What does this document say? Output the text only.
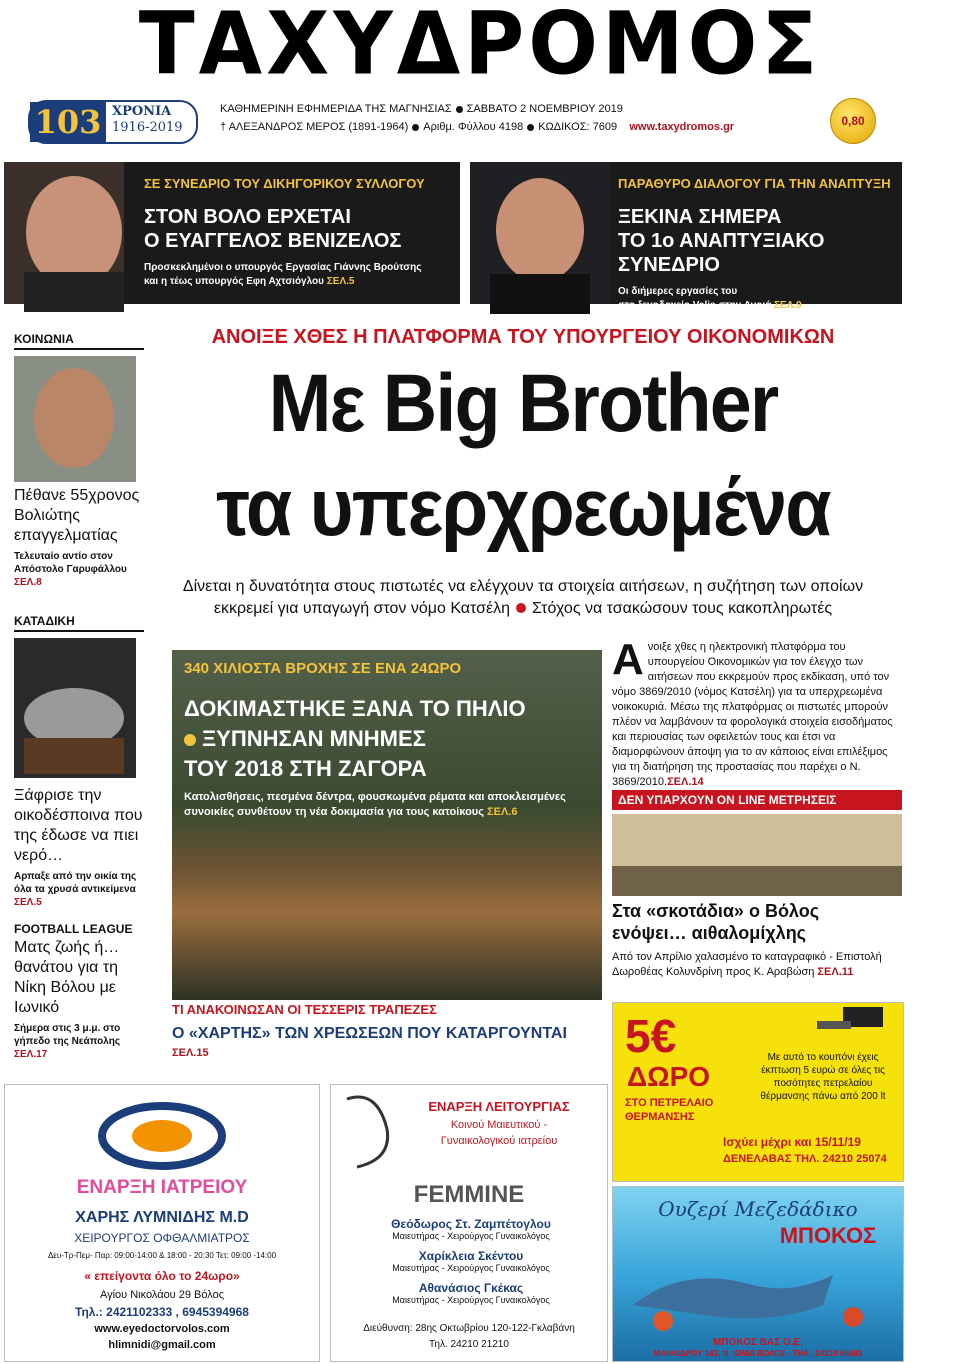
ΤΑΧΥΔΡΟΜΟΣ
103 ΧΡΟΝΙΑ
1916-2019
ΚΑΘΗΜΕΡΙΝΗ ΕΦΗΜΕΡΙΔΑ ΤΗΣ ΜΑΓΝΗΣΙΑΣ ΣΑΒΒΑΤΟ 2 ΝΟΕΜΒΡΙΟΥ 2019
† ΑΛΕΞΑΝΔΡΟΣ ΜΕΡΟΣ (1891-1964) Αριθμ. Φύλλου 4198 ΚΩΔΙΚΟΣ: 7609 www.taxydromos.gr	0,80
ΣΕ ΣΥΝΕΔΡΙΟ ΤΟΥ ΔΙΚΗΓΟΡΙΚΟΥ ΣΥΛΛΟΓΟΥ
ΣΤΟΝ ΒΟΛΟ ΕΡΧΕΤΑΙ
Ο ΕΥΑΓΓΕΛΟΣ ΒΕΝΙΖΕΛΟΣ
Προσκεκλημένοι ο υπουργός Εργασίας Γιάννης Βρούτσης
και η τέως υπουργός Εφη Αχτσιόγλου ΣΕΛ.5
ΠΑΡΑΘΥΡΟ ΔΙΑΛΟΓΟΥ ΓΙΑ ΤΗΝ ΑΝΑΠΤΥΞΗ
ΞΕΚΙΝΑ ΣΗΜΕΡΑ
ΤΟ 1ο ΑΝΑΠΤΥΞΙΑΚΟ ΣΥΝΕΔΡΙΟ
Οι διήμερες εργασίες του
στο ξενοδοχείο Valis στην Αγριά ΣΕΛ.9
ΚΟΙΝΩΝΙΑ
Πέθανε 55χρονος Βολιώτης επαγγελματίας
Τελευταίο αντίο στον Απόστολο Γαρυφάλλου ΣΕΛ.8
ΚΑΤΑΔΙΚΗ
Ξάφρισε την οικοδέσποινα που της έδωσε να πιει νερό…
Αρπαξε από την οικία της όλα τα χρυσά αντικείμενα ΣΕΛ.5
FOOTBALL LEAGUE
Ματς ζωής ή… θανάτου για τη Νίκη Βόλου με Ιωνικό
Σήμερα στις 3 μ.μ. στο γήπεδο της Νεάπολης ΣΕΛ.17
ΑΝΟΙΞΕ ΧΘΕΣ Η ΠΛΑΤΦΟΡΜΑ ΤΟΥ ΥΠΟΥΡΓΕΙΟΥ ΟΙΚΟΝΟΜΙΚΩΝ
Με Big Brother
τα υπερχρεωμένα
Δίνεται η δυνατότητα στους πιστωτές να ελέγχουν τα στοιχεία αιτήσεων, η συζήτηση των οποίων
εκκρεμεί για υπαγωγή στον νόμο Κατσέλη Στόχος να τσακώσουν τους κακοπληρωτές
340 ΧΙΛΙΟΣΤΑ ΒΡΟΧΗΣ ΣΕ ΕΝΑ 24ΩΡΟ
ΔΟΚΙΜΑΣΤΗΚΕ ΞΑΝΑ ΤΟ ΠΗΛΙΟ
ΞΥΠΝΗΣΑΝ ΜΝΗΜΕΣ
ΤΟΥ 2018 ΣΤΗ ΖΑΓΟΡΑ
Κατολισθήσεις, πεσμένα δέντρα, φουσκωμένα ρέματα και αποκλεισμένες συνοικίες συνθέτουν τη νέα δοκιμασία για τους κατοίκους ΣΕΛ.6
Ανοιξε χθες η ηλεκτρονική πλατφόρμα του υπουργείου Οικονομικών για τον έλεγχο των αιτήσεων που εκκρεμούν προς εκδίκαση, υπό τον νόμο 3869/2010 (νόμος Κατσέλη) για τα υπερχρεωμένα νοικοκυριά. Μέσω της πλατφόρμας οι πιστωτές μπορούν πλέον να λαμβάνουν τα φορολογικά στοιχεία εισοδήματος και περιουσίας των οφειλετών τους και έτσι να διαμορφώνουν άποψη για το αν κάποιος είναι επιλέξιμος για τη διατήρηση της προστασίας που παρέχει ο Ν. 3869/2010.ΣΕΛ.14
ΔΕΝ ΥΠΑΡΧΟΥΝ ON LINE ΜΕΤΡΗΣΕΙΣ
Στα «σκοτάδια» ο Βόλος
ενόψει… αιθαλομίχλης
Από τον Απρίλιο χαλασμένο το καταγραφικό - Επιστολή Δωροθέας Κολυνδρίνη προς Κ. Αραβώση ΣΕΛ.11
ΤΙ ΑΝΑΚΟΙΝΩΣΑΝ ΟΙ ΤΕΣΣΕΡΙΣ ΤΡΑΠΕΖΕΣ
Ο «ΧΑΡΤΗΣ» ΤΩΝ ΧΡΕΩΣΕΩΝ ΠΟΥ ΚΑΤΑΡΓΟΥΝΤΑΙ ΣΕΛ.15
ΕΝΑΡΞΗ ΙΑΤΡΕΙΟΥ
ΧΑΡΗΣ ΛΥΜΝΙΔΗΣ Μ.D
ΧΕΙΡΟΥΡΓΟΣ ΟΦΘΑΛΜΙΑΤΡΟΣ
Δευ-Τρ-Πεμ- Παρ: 09:00-14:00 & 18:00 - 20:30 Τετ: 09:00 -14:00
« επείγοντα όλο το 24ωρο»
Αγίου Νικολάου 29 Βόλος
Τηλ.: 2421102333 , 6945394968
www.eyedoctorvolos.com
hlimnidi@gmail.com
ΕΝΑΡΞΗ ΛΕΙΤΟΥΡΓΙΑΣ
Κοινού Μαιευτικού -
Γυναικολογικού ιατρείου
FEMMINE
Θεόδωρος Στ. Ζαμπέτογλου
Μαιευτήρας - Χειρούργος Γυναικολόγος
Χαρίκλεια Σκέντου
Μαιευτήρας - Χειρούργος Γυναικολόγος
Αθανάσιος Γκέκας
Μαιευτήρας - Χειρούργος Γυναικολόγος
Διεύθυνση: 28ης Οκτωβρίου 120-122-Γκλαβάνη
Τηλ. 24210 21210
5€
ΔΩΡΟ
ΣΤΟ ΠΕΤΡΕΛΑΙΟ
ΘΕΡΜΑΝΣΗΣ
Με αυτό το κουπόνι έχεις έκπτωση 5 ευρώ σε όλες τις ποσότητες πετρελαίου θέρμανσης πάνω από 200 lt
Ισχύει μέχρι και 15/11/19
ΔΕΝΕΛΑΒΑΣ ΤΗΛ. 24210 25074
Ουζερί Μεζεδάδικο
ΜΠΟΚΟΣ
ΜΠΟΚΟΣ ΒΑΣ Ο.Ε.
ΜΑΙΑΝΔΡΟΥ 143, Ν. ΙΩΝΙΑ ΒΟΛΟΣ - ΤΗΛ.: 24210 66683
